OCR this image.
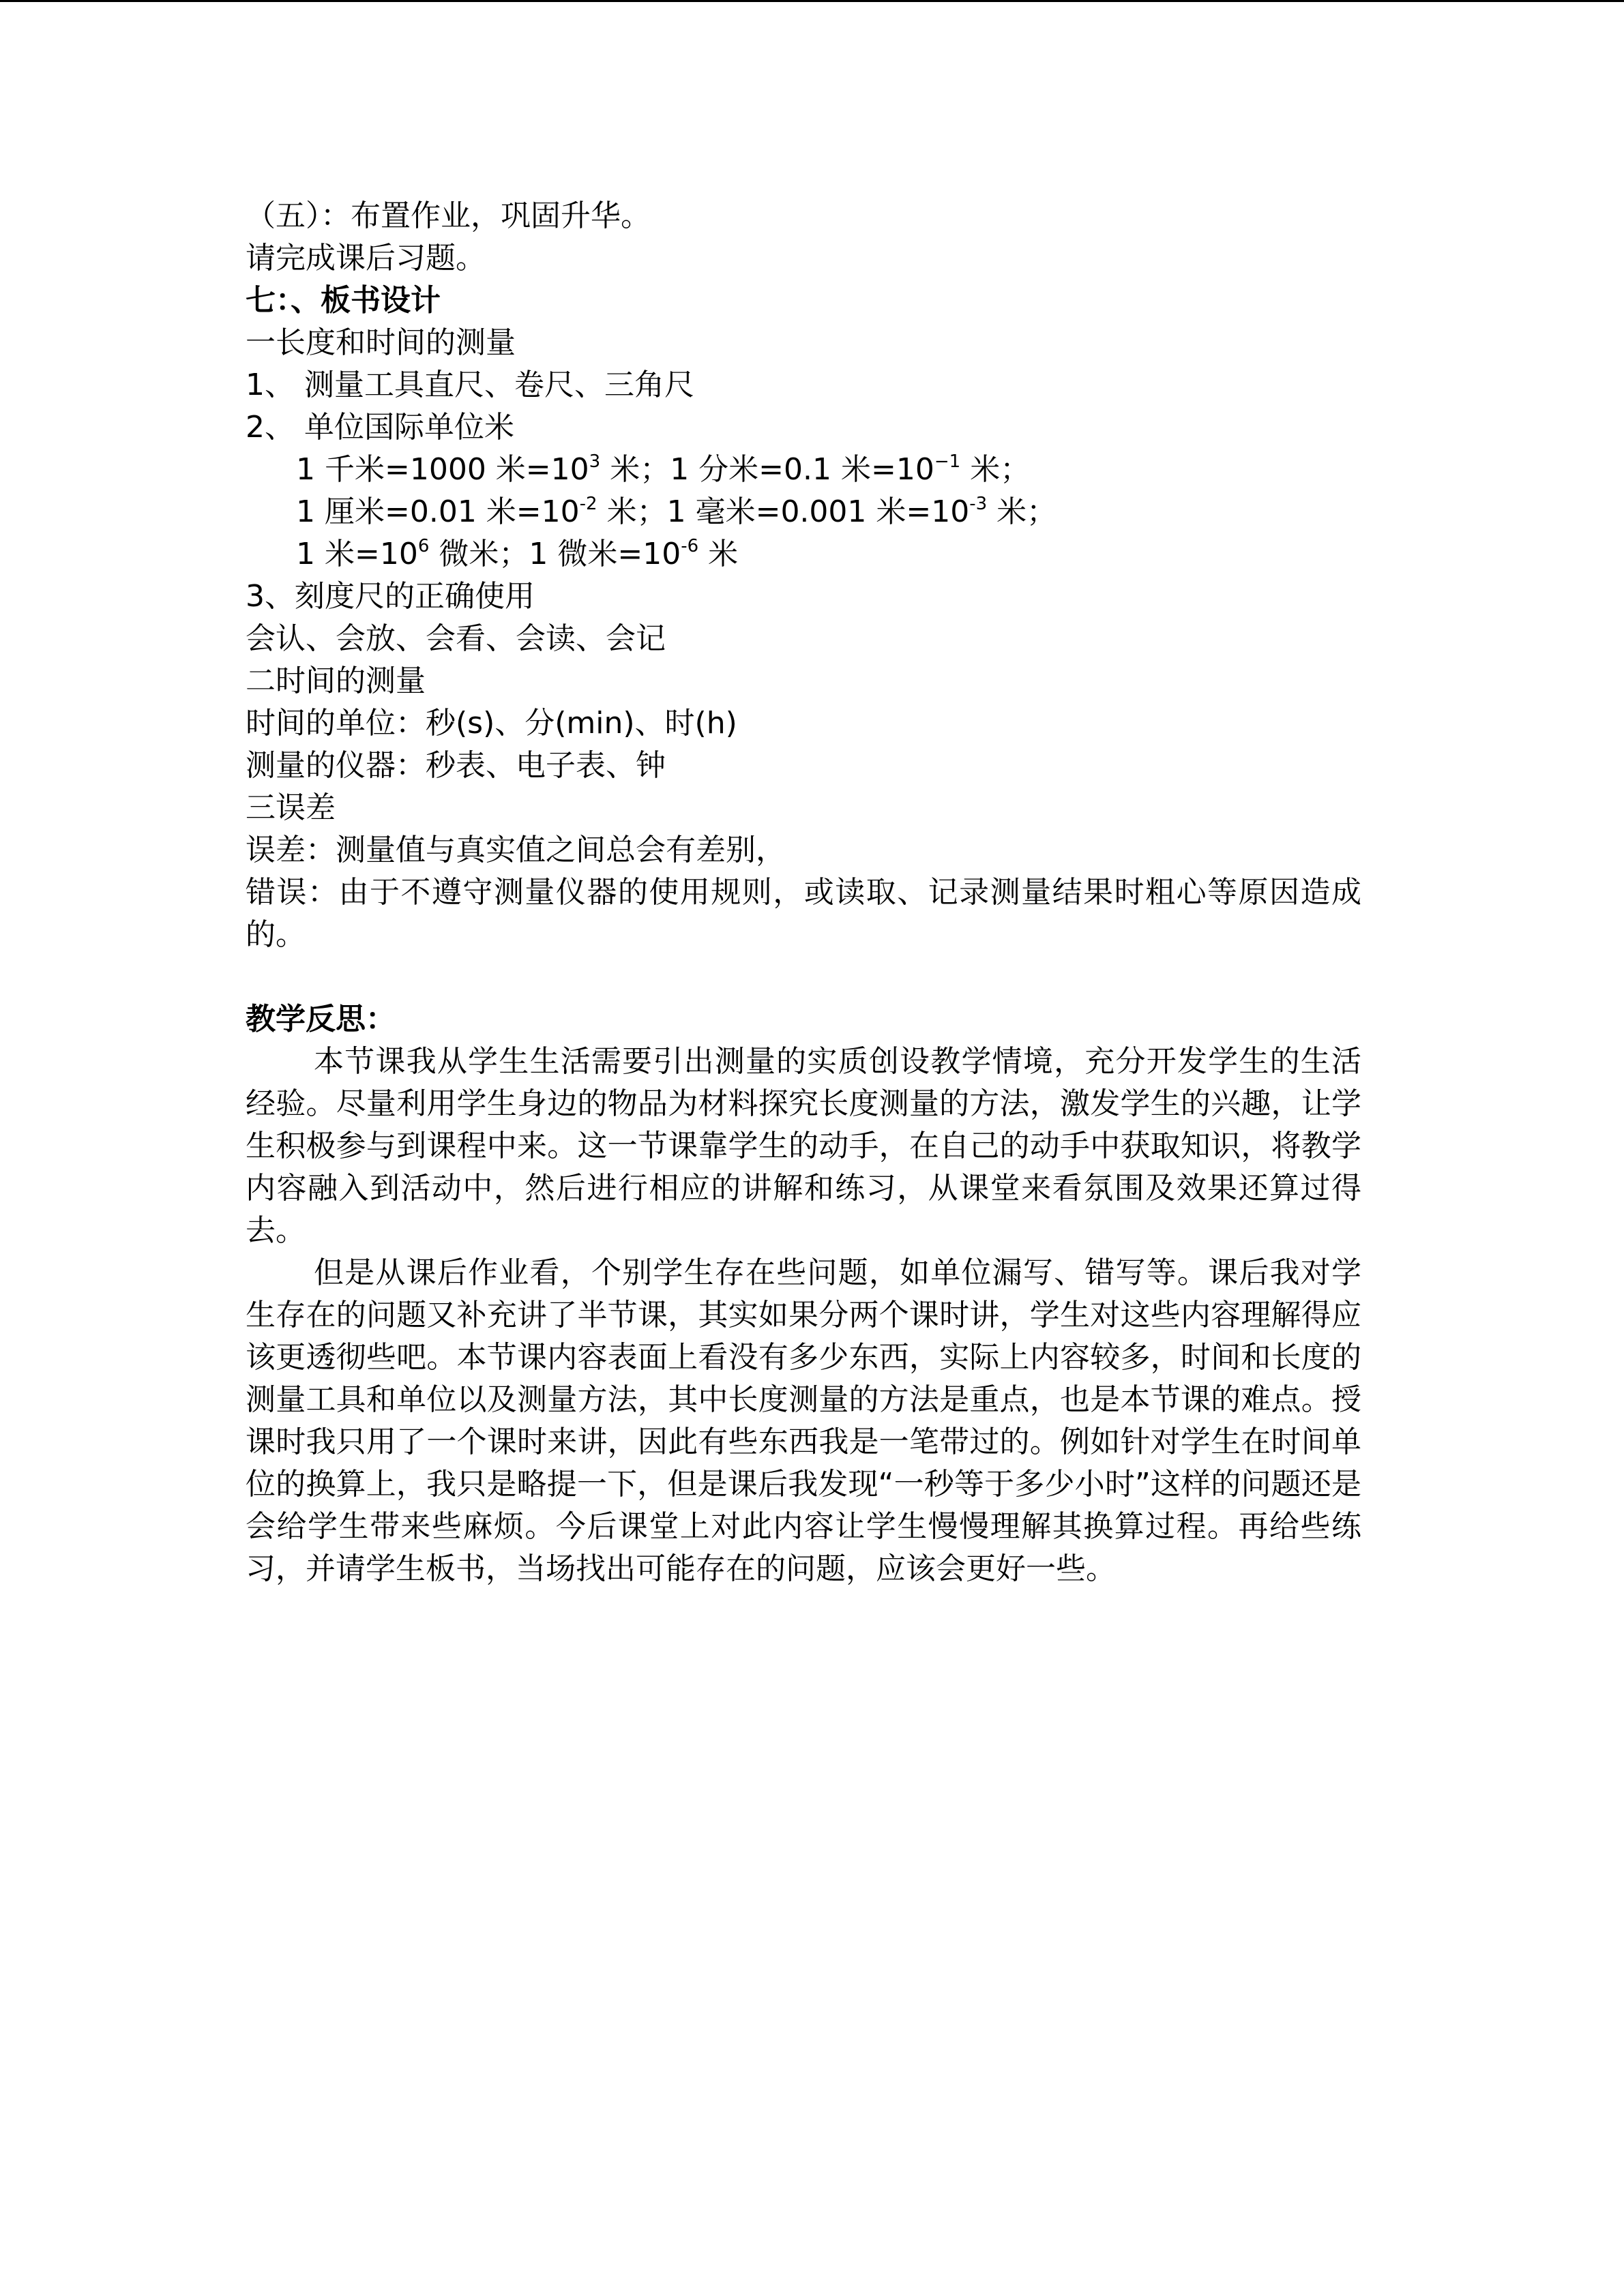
（五）：布置作业，巩固升华。
请完成课后习题。
七：、板书设计
一长度和时间的测量
1、 测量工具直尺、卷尺、三角尺
2、 单位国际单位米
1 千米=1000 米$=10^3$ 米；1 分米=0.1 米$=10^{-1}$ 米；
1 厘米=0.01 米$=10^{-2}$ 米；1 毫米=0.001 米$=10^{-3}$ 米；
1 米$=10^6$ 微米；1 微米$=10^{-6}$ 米
3、刻度尺的正确使用
会认、会放、会看、会读、会记
二时间的测量
时间的单位：秒(s)、分(min)、时(h)
测量的仪器：秒表、电子表、钟
三误差
误差：测量值与真实值之间总会有差别，

错误：由于不遵守测量仪器的使用规则，或读取、记录测量结果时粗心等原因造成的。

教学反思：

本节课我从学生生活需要引出测量的实质创设教学情境，充分开发学生的生活经验。尽量利用学生身边的物品为材料探究长度测量的方法，激发学生的兴趣，让学生积极参与到课程中来。这一节课靠学生的动手，在自己的动手中获取知识，将教学内容融入到活动中，然后进行相应的讲解和练习，从课堂来看氛围及效果还算过得去。

但是从课后作业看，个别学生存在些问题，如单位漏写、错写等。课后我对学生存在的问题又补充讲了半节课，其实如果分两个课时讲，学生对这些内容理解得应该更透彻些吧。本节课内容表面上看没有多少东西，实际上内容较多，时间和长度的测量工具和单位以及测量方法，其中长度测量的方法是重点，也是本节课的难点。授课时我只用了一个课时来讲，因此有些东西我是一笔带过的。例如针对学生在时间单位的换算上，我只是略提一下，但是课后我发现“一秒等于多少小时”这样的问题还是会给学生带来些麻烦。今后课堂上对此内容让学生慢慢理解其换算过程。再给些练习，并请学生板书，当场找出可能存在的问题，应该会更好一些。
